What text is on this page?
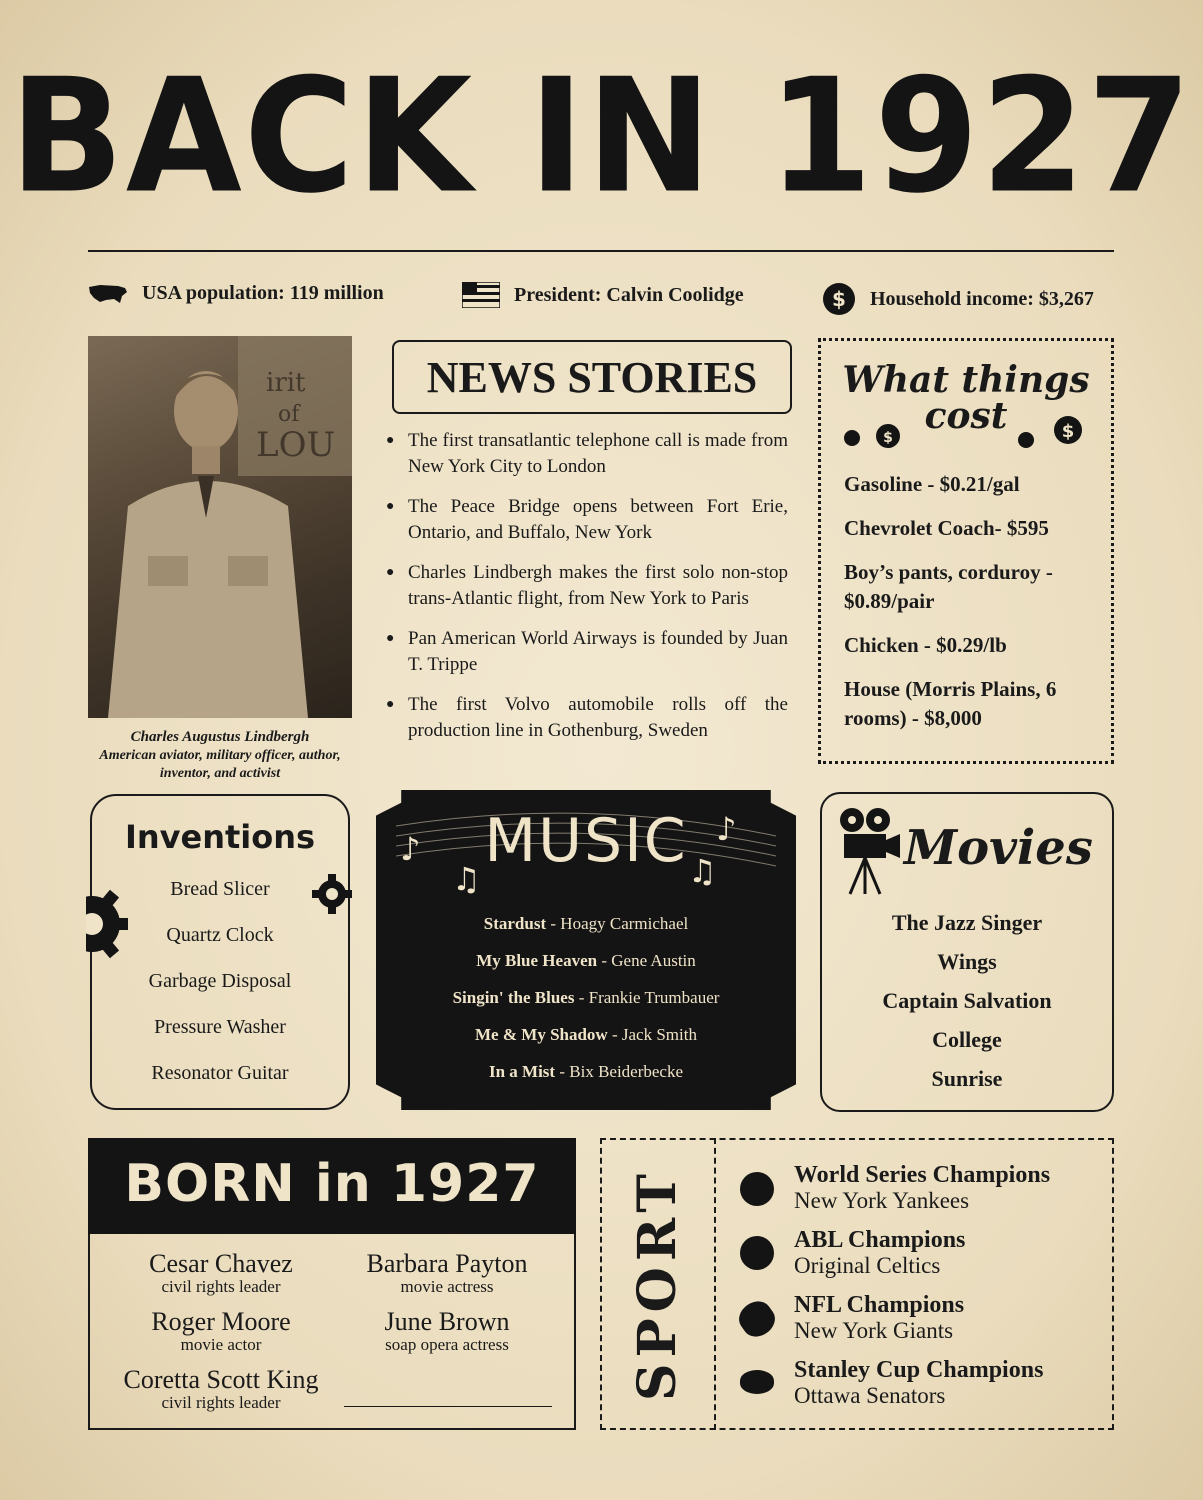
BACK IN 1927
USA population: 119 million	President: Calvin Coolidge	$ Household income: $3,267
irit
of
LOU
Charles Augustus Lindbergh
American aviator, military officer, author, inventor, and activist
NEWS STORIES
● The first transatlantic telephone call is made from New York City to London
● The Peace Bridge opens between Fort Erie, Ontario, and Buffalo, New York
● Charles Lindbergh makes the first solo non-stop trans-Atlantic flight, from New York to Paris
● Pan American World Airways is founded by Juan T. Trippe
● The first Volvo automobile rolls off the production line in Gothenburg, Sweden
What things
cost
$	$
Gasoline - $0.21/gal
Chevrolet Coach- $595
Boy’s pants, corduroy - $0.89/pair
Chicken - $0.29/lb
House (Morris Plains, 6 rooms) - $8,000
Inventions
Bread Slicer
Quartz Clock
Garbage Disposal
Pressure Washer
Resonator Guitar
♪
♫
♪
♫
MUSIC
Stardust - Hoagy Carmichael
My Blue Heaven - Gene Austin
Singin' the Blues - Frankie Trumbauer
Me & My Shadow - Jack Smith
In a Mist - Bix Beiderbecke
Movies
The Jazz Singer
Wings
Captain Salvation
College
Sunrise
BORN in 1927
Cesar Chavez
civil rights leader
Barbara Payton
movie actress
Roger Moore
movie actor
June Brown
soap opera actress
Coretta Scott King
civil rights leader
SPORT	World Series Champions
New York Yankees
ABL Champions
Original Celtics
NFL Champions
New York Giants
Stanley Cup Champions
Ottawa Senators
